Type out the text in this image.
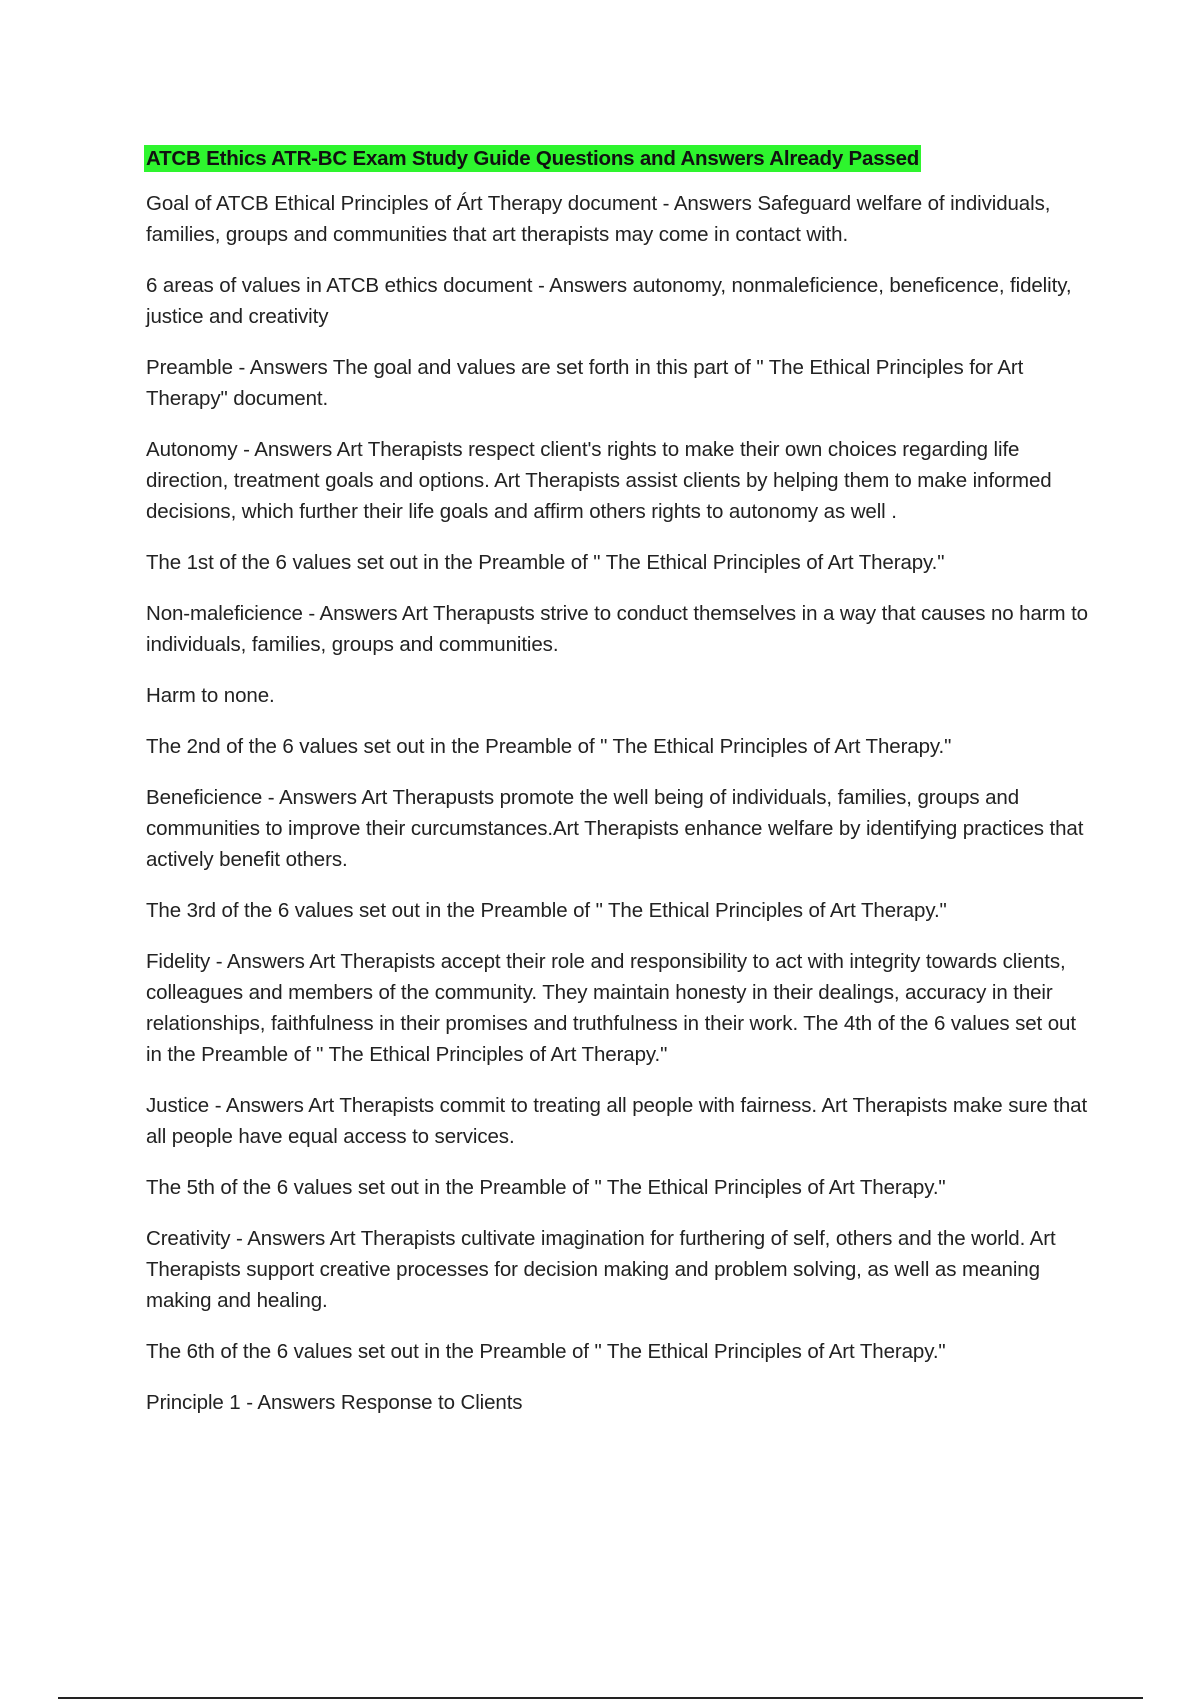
ATCB Ethics ATR-BC Exam Study Guide Questions and Answers Already Passed

Goal of ATCB Ethical Principles of Árt Therapy document - Answers Safeguard welfare of individuals, families, groups and communities that art therapists may come in contact with.

6 areas of values in ATCB ethics document - Answers autonomy, nonmaleficience, beneficence, fidelity, justice and creativity

Preamble - Answers The goal and values are set forth in this part of " The Ethical Principles for Art Therapy" document.

Autonomy - Answers Art Therapists respect client's rights to make their own choices regarding life direction, treatment goals and options. Art Therapists assist clients by helping them to make informed decisions, which further their life goals and affirm others rights to autonomy as well .

The 1st of the 6 values set out in the Preamble of " The Ethical Principles of Art Therapy."

Non-maleficience - Answers Art Therapusts strive to conduct themselves in a way that causes no harm to individuals, families, groups and communities.

Harm to none.

The 2nd of the 6 values set out in the Preamble of " The Ethical Principles of Art Therapy."

Beneficience - Answers Art Therapusts promote the well being of individuals, families, groups and communities to improve their curcumstances.Art Therapists enhance welfare by identifying practices that actively benefit others.

The 3rd of the 6 values set out in the Preamble of " The Ethical Principles of Art Therapy."

Fidelity - Answers Art Therapists accept their role and responsibility to act with integrity towards clients, colleagues and members of the community. They maintain honesty in their dealings, accuracy in their relationships, faithfulness in their promises and truthfulness in their work. The 4th of the 6 values set out in the Preamble of " The Ethical Principles of Art Therapy."

Justice - Answers Art Therapists commit to treating all people with fairness. Art Therapists make sure that all people have equal access to services.

The 5th of the 6 values set out in the Preamble of " The Ethical Principles of Art Therapy."

Creativity - Answers Art Therapists cultivate imagination for furthering of self, others and the world. Art Therapists support creative processes for decision making and problem solving, as well as meaning making and healing.

The 6th of the 6 values set out in the Preamble of " The Ethical Principles of Art Therapy."

Principle 1 - Answers Response to Clients
